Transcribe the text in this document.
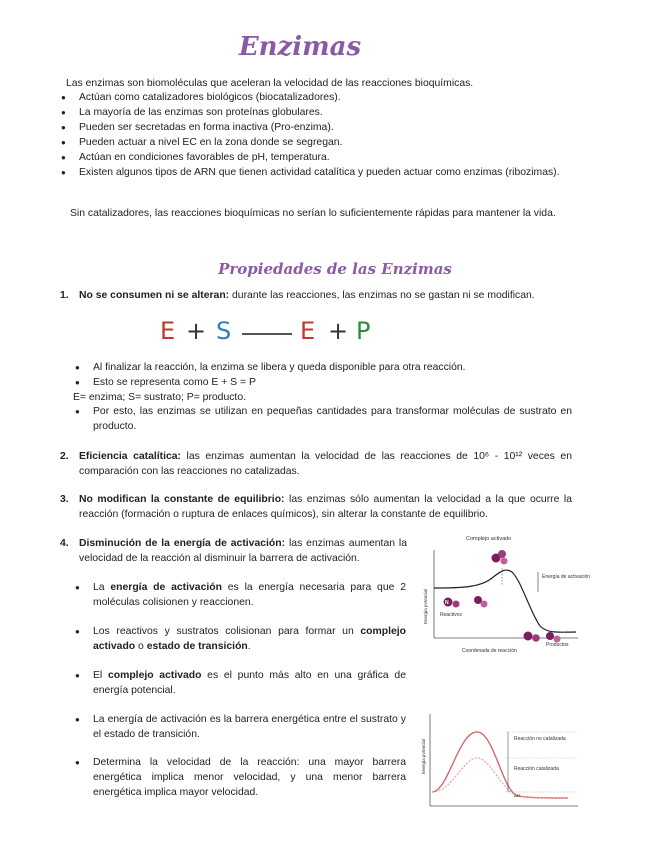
Enzimas
Las enzimas son biomoléculas que aceleran la velocidad de las reacciones bioquímicas.
● Actúan como catalizadores biológicos (biocatalizadores).
● La mayoría de las enzimas son proteínas globulares.
● Pueden ser secretadas en forma inactiva (Pro-enzima).
● Pueden actuar a nivel EC en la zona donde se segregan.
● Actúan en condiciones favorables de pH, temperatura.
● Existen algunos tipos de ARN que tienen actividad catalítica y pueden actuar como enzimas (ribozimas).
Sin catalizadores, las reacciones bioquímicas no serían lo suficientemente rápidas para mantener la vida.
Propiedades de las Enzimas
1. No se consumen ni se alteran: durante las reacciones, las enzimas no se gastan ni se modifican.
E + S	E + P
● Al finalizar la reacción, la enzima se libera y queda disponible para otra reacción.
● Esto se representa como E + S = P
E= enzima; S= sustrato; P= producto.
● Por esto, las enzimas se utilizan en pequeñas cantidades para transformar moléculas de sustrato en producto.
2. Eficiencia catalítica: las enzimas aumentan la velocidad de las reacciones de 10⁶ - 10¹² veces en comparación con las reacciones no catalizadas.
3. No modifican la constante de equilibrio: las enzimas sólo aumentan la velocidad a la que ocurre la reacción (formación o ruptura de enlaces químicos), sin alterar la constante de equilibrio.
4. Disminución de la energía de activación: las enzimas aumentan la velocidad de la reacción al disminuir la barrera de activación.
● La energía de activación es la energía necesaria para que 2 moléculas colisionen y reaccionen.
● Los reactivos y sustratos colisionan para formar un complejo activado o estado de transición.
● El complejo activado es el punto más alto en una gráfica de energía potencial.
● La energía de activación es la barrera energética entre el sustrato y el estado de transición.
● Determina la velocidad de la reacción: una mayor barrera energética implica menor velocidad, y una menor barrera energética implica mayor velocidad.
Complejo activado
Energía de activación
N
Reactivos
Productos
Energía potencial
Coordenada de reacción
Reacción no catalizada
Reacción catalizada
ΔH
Energía potencial
